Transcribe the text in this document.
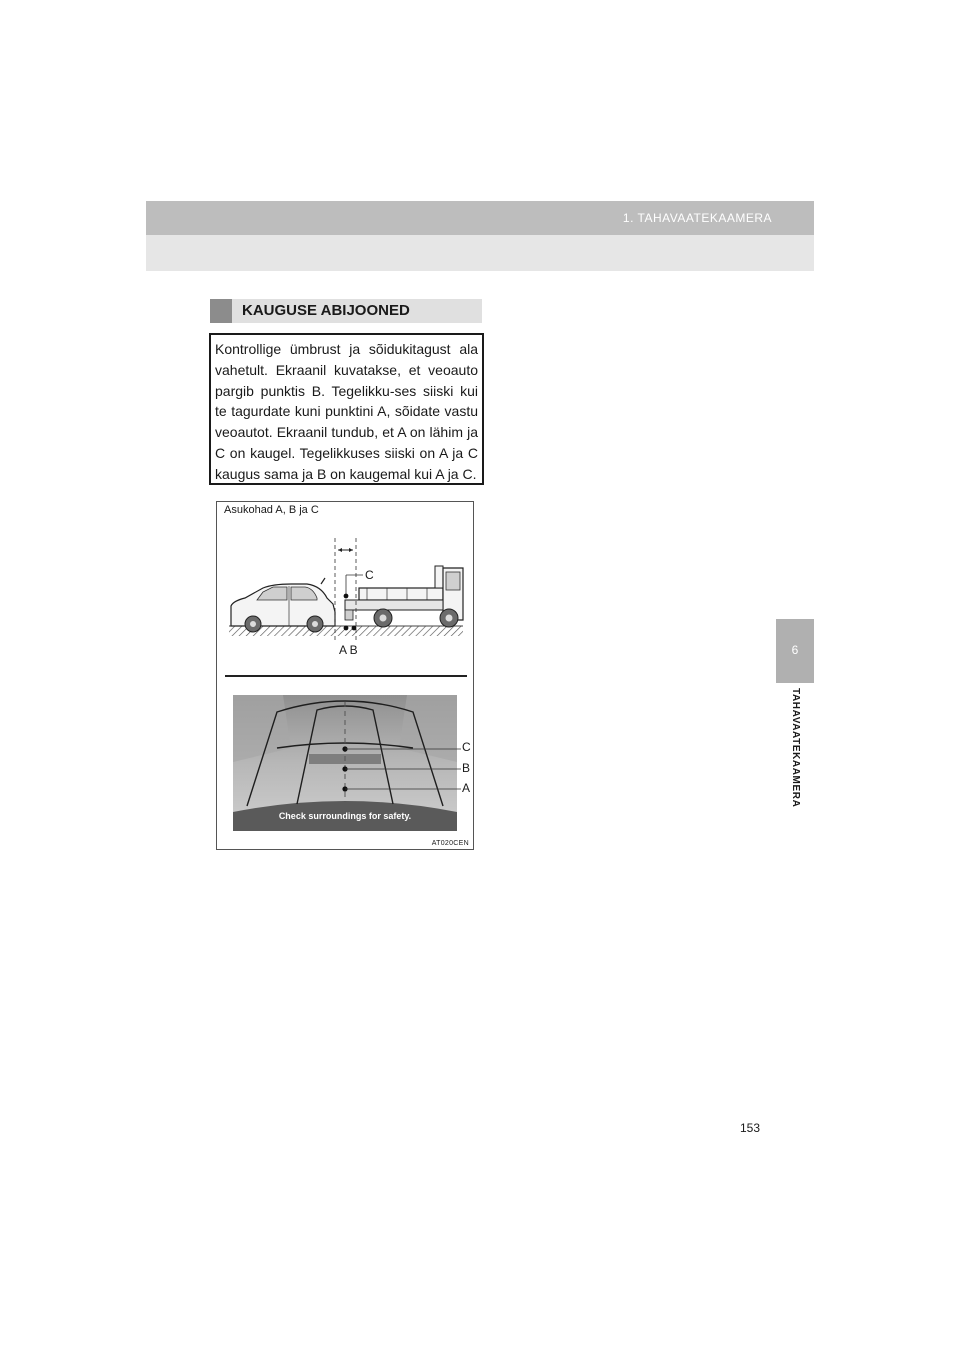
1. TAHAVAATEKAAMERA
6
TAHAVAATEKAAMERA
KAUGUSE ABIJOONED
Kontrollige ümbrust ja sõidukitagust ala vahetult. Ekraanil kuvatakse, et veoauto pargib punktis B. Tegelikku-ses siiski kui te tagurdate kuni punktini A, sõidate vastu veoautot. Ekraanil tundub, et A on lähim ja C on kaugel. Tegelikkuses siiski on A ja C kaugus sama ja B on kaugemal kui A ja C.
Asukohad A, B ja C
C
A B
Check surroundings for safety.
C
B
A
AT020CEN
153
